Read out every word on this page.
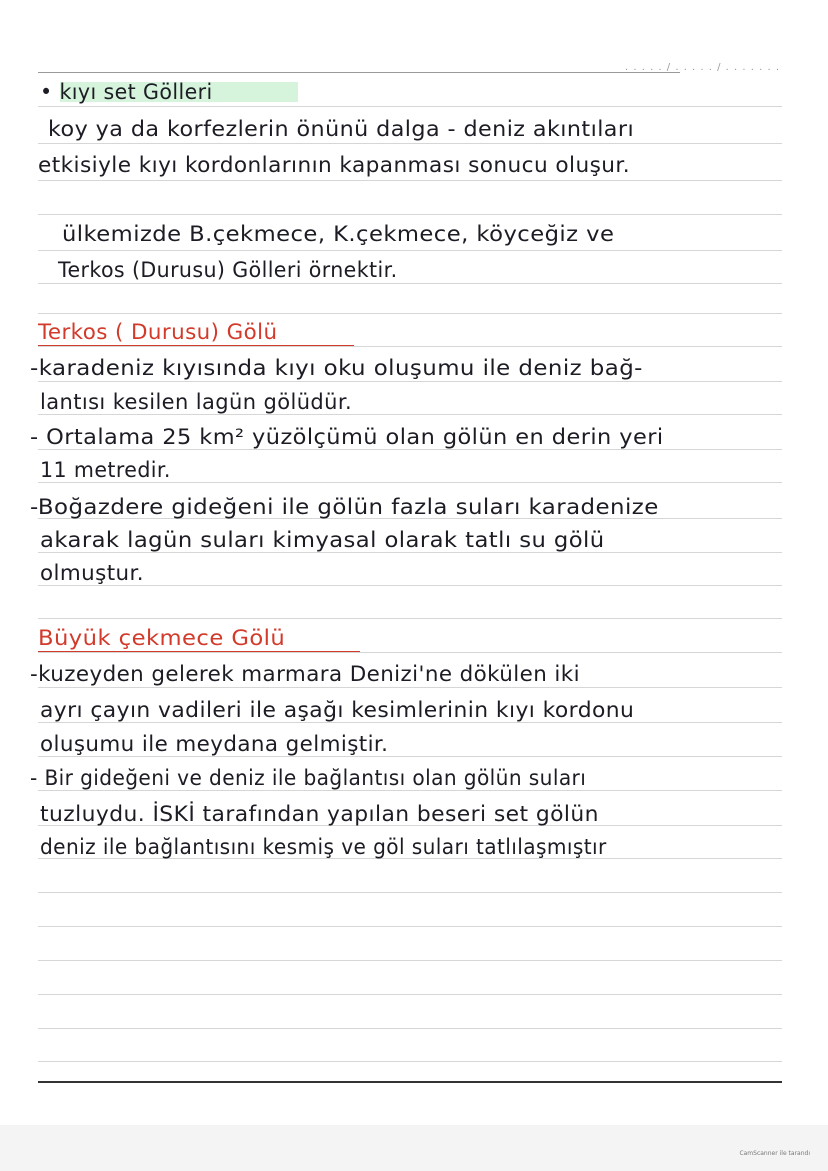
. . . . . / . . . . . / . . . . . . .
• kıyı set Gölleri
koy ya da korfezlerin önünü dalga - deniz akıntıları
etkisiyle kıyı kordonlarının kapanması sonucu oluşur.
ülkemizde B.çekmece, K.çekmece, köyceğiz ve
Terkos (Durusu) Gölleri örnektir.
Terkos ( Durusu) Gölü
-karadeniz kıyısında kıyı oku oluşumu ile deniz bağ-
lantısı kesilen lagün gölüdür.
- Ortalama 25 km² yüzölçümü olan gölün en derin yeri
11 metredir.
-Boğazdere gideğeni ile gölün fazla suları karadenize
akarak lagün suları kimyasal olarak tatlı su gölü
olmuştur.
Büyük çekmece Gölü
-kuzeyden gelerek marmara Denizi'ne dökülen iki
ayrı çayın vadileri ile aşağı kesimlerinin kıyı kordonu
oluşumu ile meydana gelmiştir.
- Bir gideğeni ve deniz ile bağlantısı olan gölün suları
tuzluydu. İSKİ tarafından yapılan beseri set gölün
deniz ile bağlantısını kesmiş ve göl suları tatlılaşmıştır
CamScanner ile tarandı
